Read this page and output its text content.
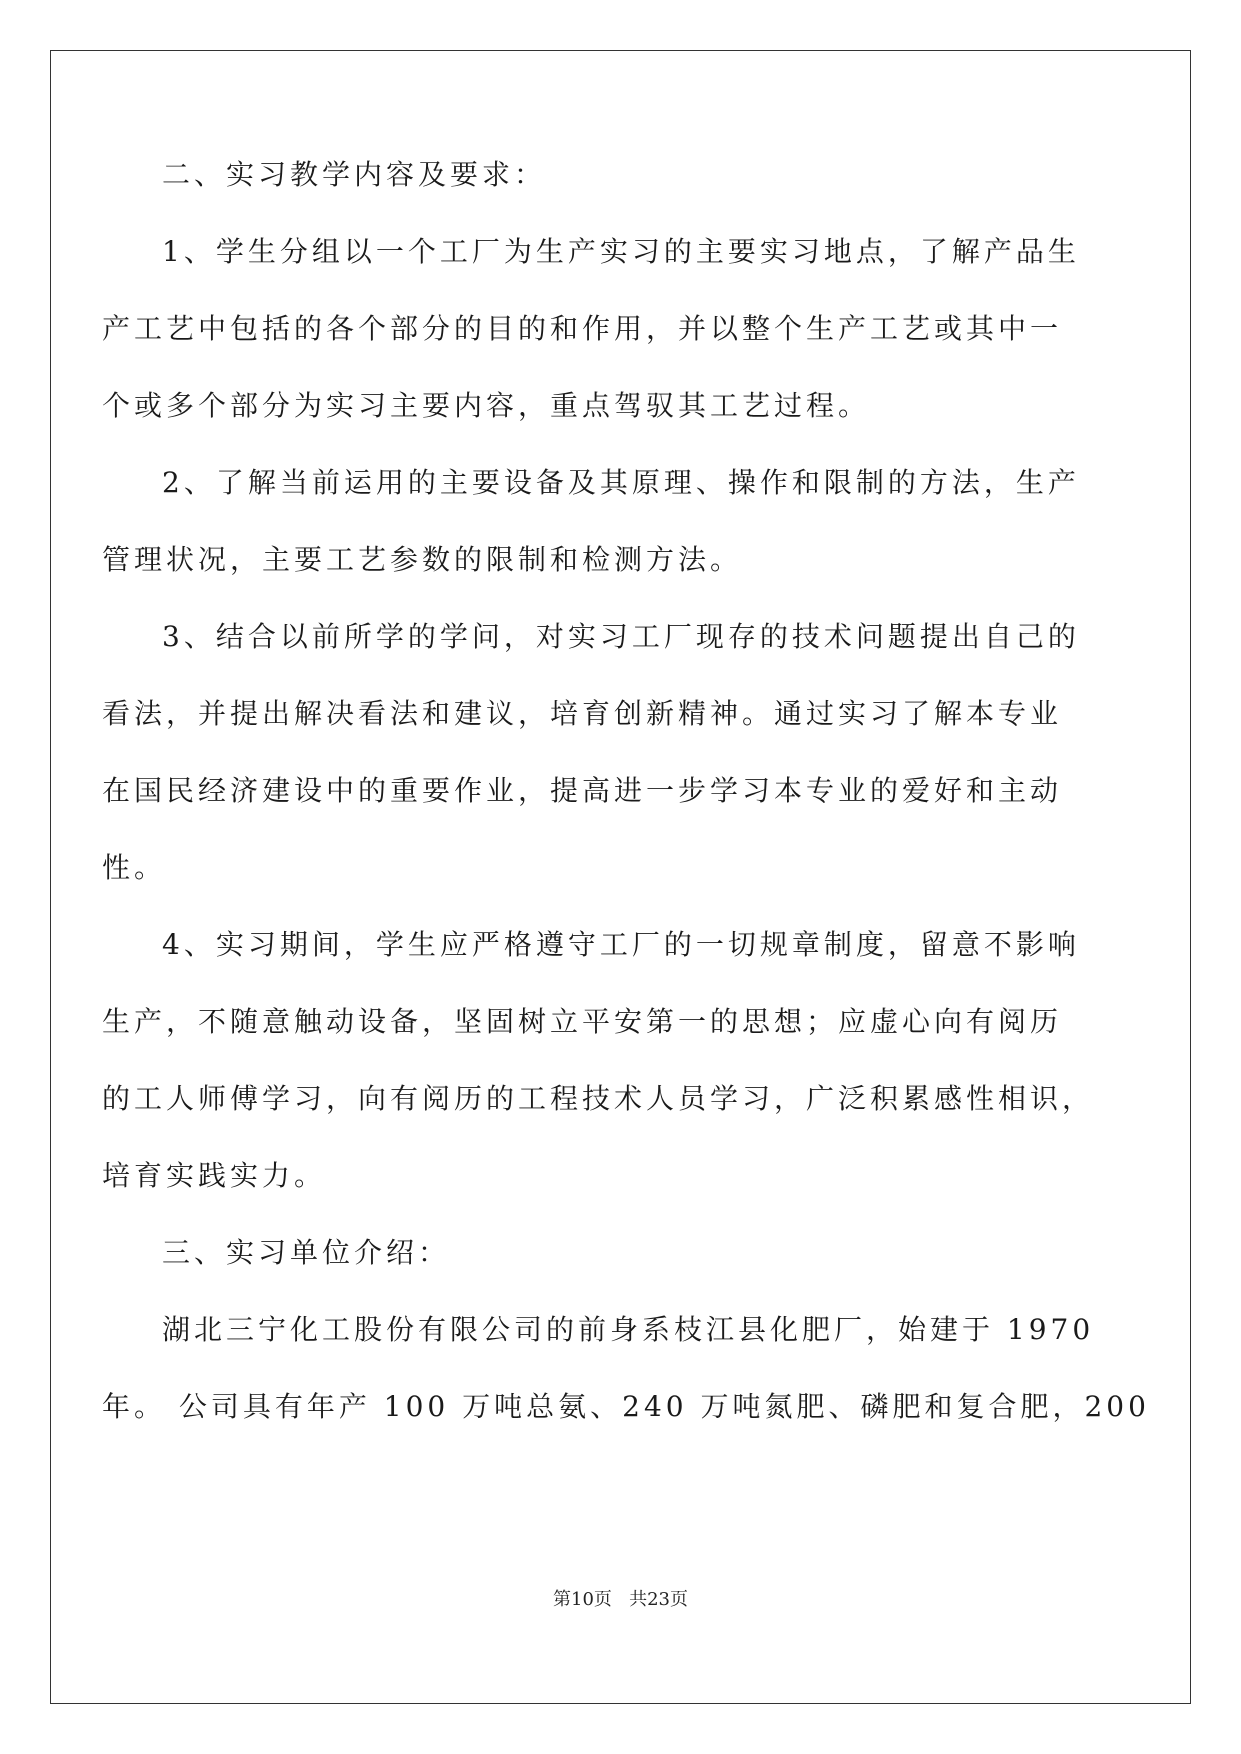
二、实习教学内容及要求：
1、学生分组以一个工厂为生产实习的主要实习地点，了解产品生
产工艺中包括的各个部分的目的和作用，并以整个生产工艺或其中一
个或多个部分为实习主要内容，重点驾驭其工艺过程。
2、了解当前运用的主要设备及其原理、操作和限制的方法，生产
管理状况，主要工艺参数的限制和检测方法。
3、结合以前所学的学问，对实习工厂现存的技术问题提出自己的
看法，并提出解决看法和建议，培育创新精神。通过实习了解本专业
在国民经济建设中的重要作业，提高进一步学习本专业的爱好和主动
性。
4、实习期间，学生应严格遵守工厂的一切规章制度，留意不影响
生产，不随意触动设备，坚固树立平安第一的思想；应虚心向有阅历
的工人师傅学习，向有阅历的工程技术人员学习，广泛积累感性相识，
培育实践实力。
三、实习单位介绍：
湖北三宁化工股份有限公司的前身系枝江县化肥厂，始建于 1970
年。 公司具有年产 100 万吨总氨、240 万吨氮肥、磷肥和复合肥，200
第10页   共23页
